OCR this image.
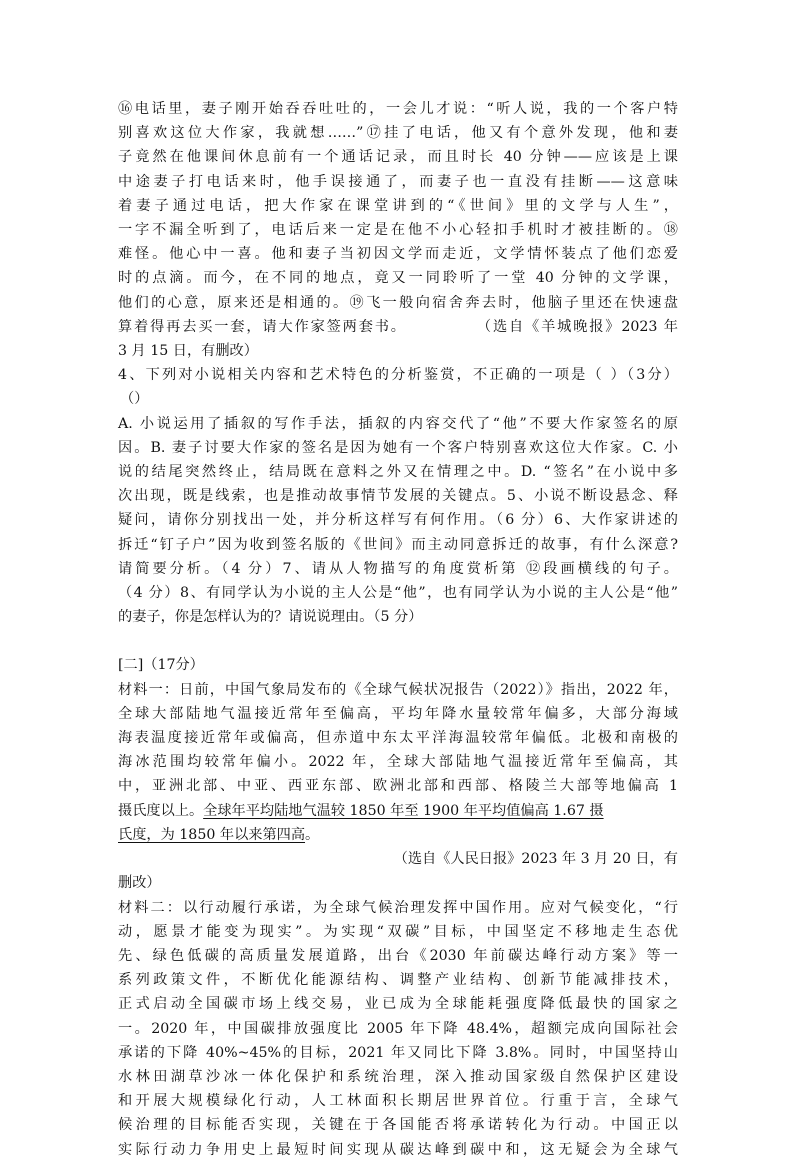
⑯电话里，妻子刚开始吞吞吐吐的，一会儿才说：“听人说，我的一个客户特
别喜欢这位大作家，我就想……”⑰挂了电话，他又有个意外发现，他和妻
子竟然在他课间休息前有一个通话记录，而且时长 40 分钟——应该是上课
中途妻子打电话来时，他手误接通了，而妻子也一直没有挂断——这意味
着妻子通过电话，把大作家在课堂讲到的“《世间》里的文学与人生”，
一字不漏全听到了，电话后来一定是在他不小心轻扣手机时才被挂断的。⑱
难怪。他心中一喜。他和妻子当初因文学而走近，文学情怀装点了他们恋爱
时的点滴。而今，在不同的地点，竟又一同聆听了一堂 40 分钟的文学课，
他们的心意，原来还是相通的。⑲飞一般向宿舍奔去时，他脑子里还在快速盘
算着得再去买一套，请大作家签两套书。           （选自《羊城晚报》2023 年
3 月 15 日，有删改）
4、下列对小说相关内容和艺术特色的分析鉴赏，不正确的一项是（ ）（3分）
（）
A. 小说运用了插叙的写作手法，插叙的内容交代了“他”不要大作家签名的原
因。B. 妻子讨要大作家的签名是因为她有一个客户特别喜欢这位大作家。C. 小
说的结尾突然终止，结局既在意料之外又在情理之中。D. “签名”在小说中多
次出现，既是线索，也是推动故事情节发展的关键点。5、小说不断设悬念、释
疑问，请你分别找出一处，并分析这样写有何作用。（6 分）6、大作家讲述的
拆迁“钉子户”因为收到签名版的《世间》而主动同意拆迁的故事，有什么深意?
请简要分析。（4 分）7、请从人物描写的角度赏析第 ⑫段画横线的句子。
（4 分）8、有同学认为小说的主人公是“他”，也有同学认为小说的主人公是“他”
的妻子，你是怎样认为的？请说说理由。（5 分）
[二]（17分）
材料一：日前，中国气象局发布的《全球气候状况报告（2022）》指出，2022 年，
全球大部陆地气温接近常年至偏高，平均年降水量较常年偏多，大部分海域
海表温度接近常年或偏高，但赤道中东太平洋海温较常年偏低。北极和南极的
海冰范围均较常年偏小。2022 年，全球大部陆地气温接近常年至偏高，其
中，亚洲北部、中亚、西亚东部、欧洲北部和西部、格陵兰大部等地偏高 1
摄氏度以上。全球年平均陆地气温较 1850 年至 1900 年平均值偏高 1.67 摄
氏度，为 1850 年以来第四高。
（选自《人民日报》2023 年 3 月 20 日，有
删改）
材料二：以行动履行承诺，为全球气候治理发挥中国作用。应对气候变化，“行
动，愿景才能变为现实”。为实现“双碳”目标，中国坚定不移地走生态优
先、绿色低碳的高质量发展道路，出台《2030 年前碳达峰行动方案》等一
系列政策文件，不断优化能源结构、调整产业结构、创新节能减排技术，
正式启动全国碳市场上线交易，业已成为全球能耗强度降低最快的国家之
一。2020 年，中国碳排放强度比 2005 年下降 48.4%，超额完成向国际社会
承诺的下降 40%~45%的目标，2021 年又同比下降 3.8%。同时，中国坚持山
水林田湖草沙冰一体化保护和系统治理，深入推动国家级自然保护区建设
和开展大规模绿化行动，人工林面积长期居世界首位。行重于言，全球气
候治理的目标能否实现，关键在于各国能否将承诺转化为行动。中国正以
实际行动力争用史上最短时间实现从碳达峰到碳中和，这无疑会为全球气
